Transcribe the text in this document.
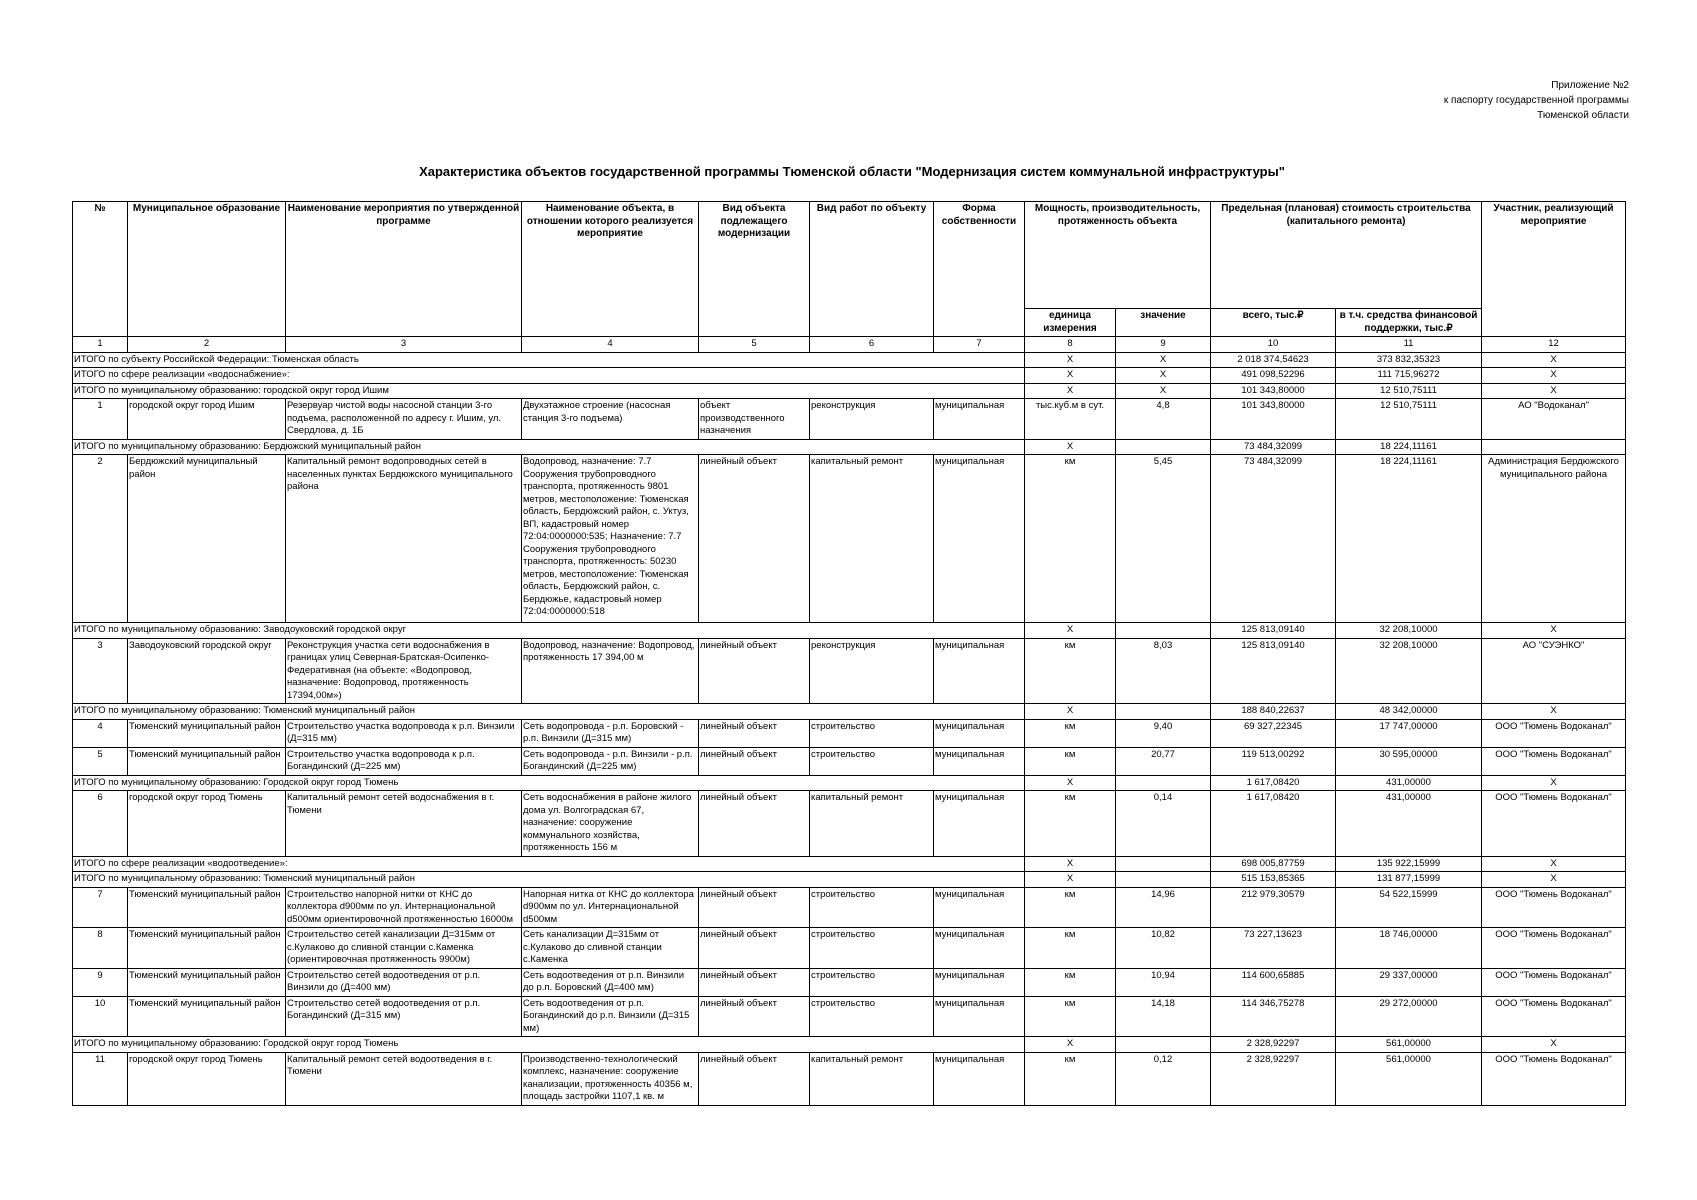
Приложение №2
к паспорту государственной программы
Тюменской области
Характеристика объектов государственной программы Тюменской области "Модернизация систем коммунальной инфраструктуры"
№	Муниципальное образование	Наименование мероприятия по утвержденной программе	Наименование объекта, в отношении которого реализуется мероприятие	Вид объекта подлежащего модернизации	Вид работ по объекту	Форма собственности	Мощность, производительность, протяженность объекта		Предельная (плановая) стоимость строительства (капитального ремонта)		Участник, реализующий мероприятие
							единица измерения	значение	всего, тыс.₽	в т.ч. средства финансовой поддержки, тыс.₽	
1	2	3	4	5	6	7	8	9	10	11	12
ИТОГО по субъекту Российской Федерации: Тюменская область							Х	Х	2 018 374,54623	373 832,35323	Х
ИТОГО по сфере реализации «водоснабжение»:							Х	Х	491 098,52296	111 715,96272	Х
ИТОГО по муниципальному образованию: городской округ город Ишим							Х	Х	101 343,80000	12 510,75111	Х
1	городской округ город Ишим	Резервуар чистой воды насосной станции 3-го подъема, расположенной по адресу г. Ишим, ул. Свердлова, д. 1Б	Двухэтажное строение (насосная станция 3-го подъема)	объект производственного назначения	реконструкция	муниципальная	тыс.куб.м в сут.	4,8	101 343,80000	12 510,75111	АО "Водоканал"
ИТОГО по муниципальному образованию: Бердюжский муниципальный район							Х		73 484,32099	18 224,11161	
2	Бердюжский муниципальный район	Капитальный ремонт водопроводных сетей в населенных пунктах Бердюжского муниципального района	Водопровод, назначение: 7.7 Сооружения трубопроводного транспорта, протяженность 9801 метров, местоположение: Тюменская область, Бердюжский район, с. Уктуз, ВП, кадастровый номер 72:04:0000000:535; Назначение: 7.7 Сооружения трубопроводного транспорта, протяженность: 50230 метров, местоположение: Тюменская область, Бердюжский район, с. Бердюжье, кадастровый номер 72:04:0000000:518	линейный объект	капитальный ремонт	муниципальная	км	5,45	73 484,32099	18 224,11161	Администрация Бердюжского муниципального района
ИТОГО по муниципальному образованию: Заводоуковский городской округ							Х		125 813,09140	32 208,10000	Х
3	Заводоуковский городской округ	Реконструкция участка сети водоснабжения в границах улиц Северная-Братская-Осипенко-Федеративная (на объекте: «Водопровод, назначение: Водопровод, протяженность 17394,00м»)	Водопровод, назначение: Водопровод, протяженность 17 394,00 м	линейный объект	реконструкция	муниципальная	км	8,03	125 813,09140	32 208,10000	АО "СУЭНКО"
ИТОГО по муниципальному образованию: Тюменский муниципальный район							Х		188 840,22637	48 342,00000	Х
4	Тюменский муниципальный район	Строительство участка водопровода к р.п. Винзили (Д=315 мм)	Сеть водопровода - р.п. Боровский - р.п. Винзили (Д=315 мм)	линейный объект	строительство	муниципальная	км	9,40	69 327,22345	17 747,00000	ООО "Тюмень Водоканал"
5	Тюменский муниципальный район	Строительство участка водопровода к р.п. Богандинский (Д=225 мм)	Сеть водопровода - р.п. Винзили - р.п. Богандинский (Д=225 мм)	линейный объект	строительство	муниципальная	км	20,77	119 513,00292	30 595,00000	ООО "Тюмень Водоканал"
ИТОГО по муниципальному образованию: Городской округ город Тюмень							Х		1 617,08420	431,00000	Х
6	городской округ город Тюмень	Капитальный ремонт сетей водоснабжения в г. Тюмени	Сеть водоснабжения в районе жилого дома ул. Волгоградская 67, назначение: сооружение коммунального хозяйства, протяженность 156 м	линейный объект	капитальный ремонт	муниципальная	км	0,14	1 617,08420	431,00000	ООО "Тюмень Водоканал"
ИТОГО по сфере реализации «водоотведение»:							Х		698 005,87759	135 922,15999	Х
ИТОГО по муниципальному образованию: Тюменский муниципальный район							Х		515 153,85365	131 877,15999	Х
7	Тюменский муниципальный район	Строительство напорной нитки от КНС до коллектора d900мм по ул. Интернациональной d500мм ориентировочной протяженностью 16000м	Напорная нитка от КНС до коллектора d900мм по ул. Интернациональной d500мм	линейный объект	строительство	муниципальная	км	14,96	212 979,30579	54 522,15999	ООО "Тюмень Водоканал"
8	Тюменский муниципальный район	Строительство сетей канализации Д=315мм от с.Кулаково до сливной станции с.Каменка (ориентировочная протяженность 9900м)	Сеть канализации Д=315мм от с.Кулаково до сливной станции с.Каменка	линейный объект	строительство	муниципальная	км	10,82	73 227,13623	18 746,00000	ООО "Тюмень Водоканал"
9	Тюменский муниципальный район	Строительство сетей водоотведения от р.п. Винзили до (Д=400 мм)	Сеть водоотведения от р.п. Винзили до р.п. Боровский (Д=400 мм)	линейный объект	строительство	муниципальная	км	10,94	114 600,65885	29 337,00000	ООО "Тюмень Водоканал"
10	Тюменский муниципальный район	Строительство сетей водоотведения от р.п. Богандинский (Д=315 мм)	Сеть водоотведения от р.п. Богандинский до р.п. Винзили (Д=315 мм)	линейный объект	строительство	муниципальная	км	14,18	114 346,75278	29 272,00000	ООО "Тюмень Водоканал"
ИТОГО по муниципальному образованию: Городской округ город Тюмень							Х		2 328,92297	561,00000	Х
11	городской округ город Тюмень	Капитальный ремонт сетей водоотведения в г. Тюмени	Производственно-технологический комплекс, назначение: сооружение канализации, протяженность 40356 м, площадь застройки 1107,1 кв. м	линейный объект	капитальный ремонт	муниципальная	км	0,12	2 328,92297	561,00000	ООО "Тюмень Водоканал"
